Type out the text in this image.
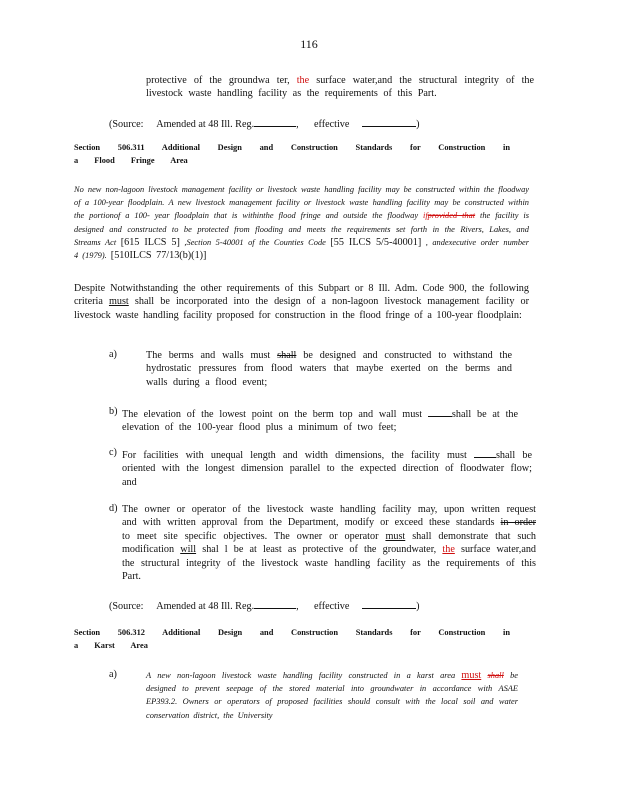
116
protective of the groundwa ter, the surface water,and the structural integrity of the livestock waste handling facility as the requirements of this Part.
(Source: Amended at 48 Ill. Reg.	,      effective	)
Section 506.311 Additional Design and Construction Standards for Construction in a Flood Fringe Area
No new non-lagoon livestock management facility or livestock waste handling facility may be constructed within the floodway of a 100-year floodplain. A new livestock management facility or livestock waste handling facility may be constructed within the portionof a 100- year floodplain that is withinthe flood fringe and outside the floodway ifprovided that the facility is designed and constructed to be protected from flooding and meets the requirements set forth in the Rivers, Lakes, and Streams Act [615 ILCS 5] ,Section 5-40001 of the Counties Code [55 ILCS 5/5-40001] , andexecutive order number 4 (1979). [510ILCS 77/13(b)(1)]
Despite Notwithstanding the other requirements of this Subpart or 8 Ill. Adm. Code 900, the following criteria must shall be incorporated into the design of a non-lagoon livestock management facility or livestock waste handling facility proposed for construction in the flood fringe of a 100-year floodplain:
a)	The berms and walls must shall be designed and constructed to withstand the hydrostatic pressures from flood waters that maybe exerted on the berms and walls during a flood event;
b) The elevation of the lowest point on the berm top and wall must	shall be at the elevation of the 100-year flood plus a minimum of two feet;
c) For facilities with unequal length and width dimensions, the facility must	shall be oriented with the longest dimension parallel to the expected direction of floodwater flow; and
d) The owner or operator of the livestock waste handling facility may, upon written request and with written approval from the Department, modify or exceed these standards in order to meet site specific objectives. The owner or operator must shall demonstrate that such modification will shal l be at least as protective of the groundwater, the surface water,and the structural integrity of the livestock waste handling facility as the requirements of this Part.
(Source: Amended at 48 Ill. Reg.	,      effective	)
Section 506.312 Additional Design and Construction Standards for Construction in a Karst Area
a)	A new non-lagoon livestock waste handling facility constructed in a karst area must shall be designed to prevent seepage of the stored material into groundwater in accordance with ASAE EP393.2. Owners or operators of proposed facilities should consult with the local soil and water conservation district, the University
